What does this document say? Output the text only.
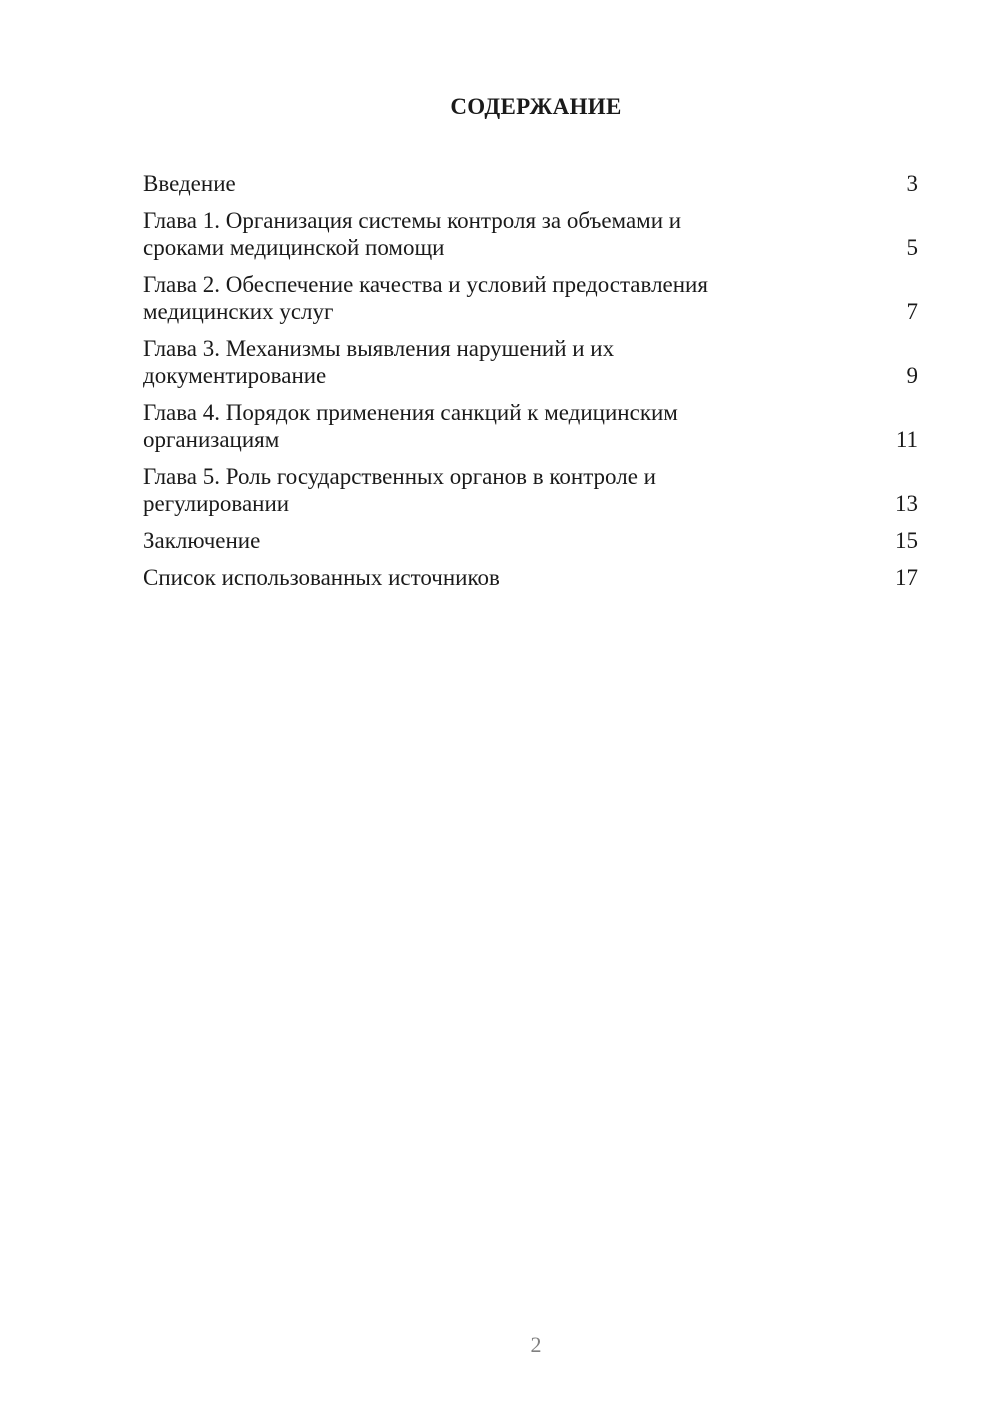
СОДЕРЖАНИЕ
Введение	3
Глава 1. Организация системы контроля за объемами и
сроками медицинской помощи	5
Глава 2. Обеспечение качества и условий предоставления
медицинских услуг	7
Глава 3. Механизмы выявления нарушений и их
документирование	9
Глава 4. Порядок применения санкций к медицинским
организациям	11
Глава 5. Роль государственных органов в контроле и
регулировании	13
Заключение	15
Список использованных источников	17
2
